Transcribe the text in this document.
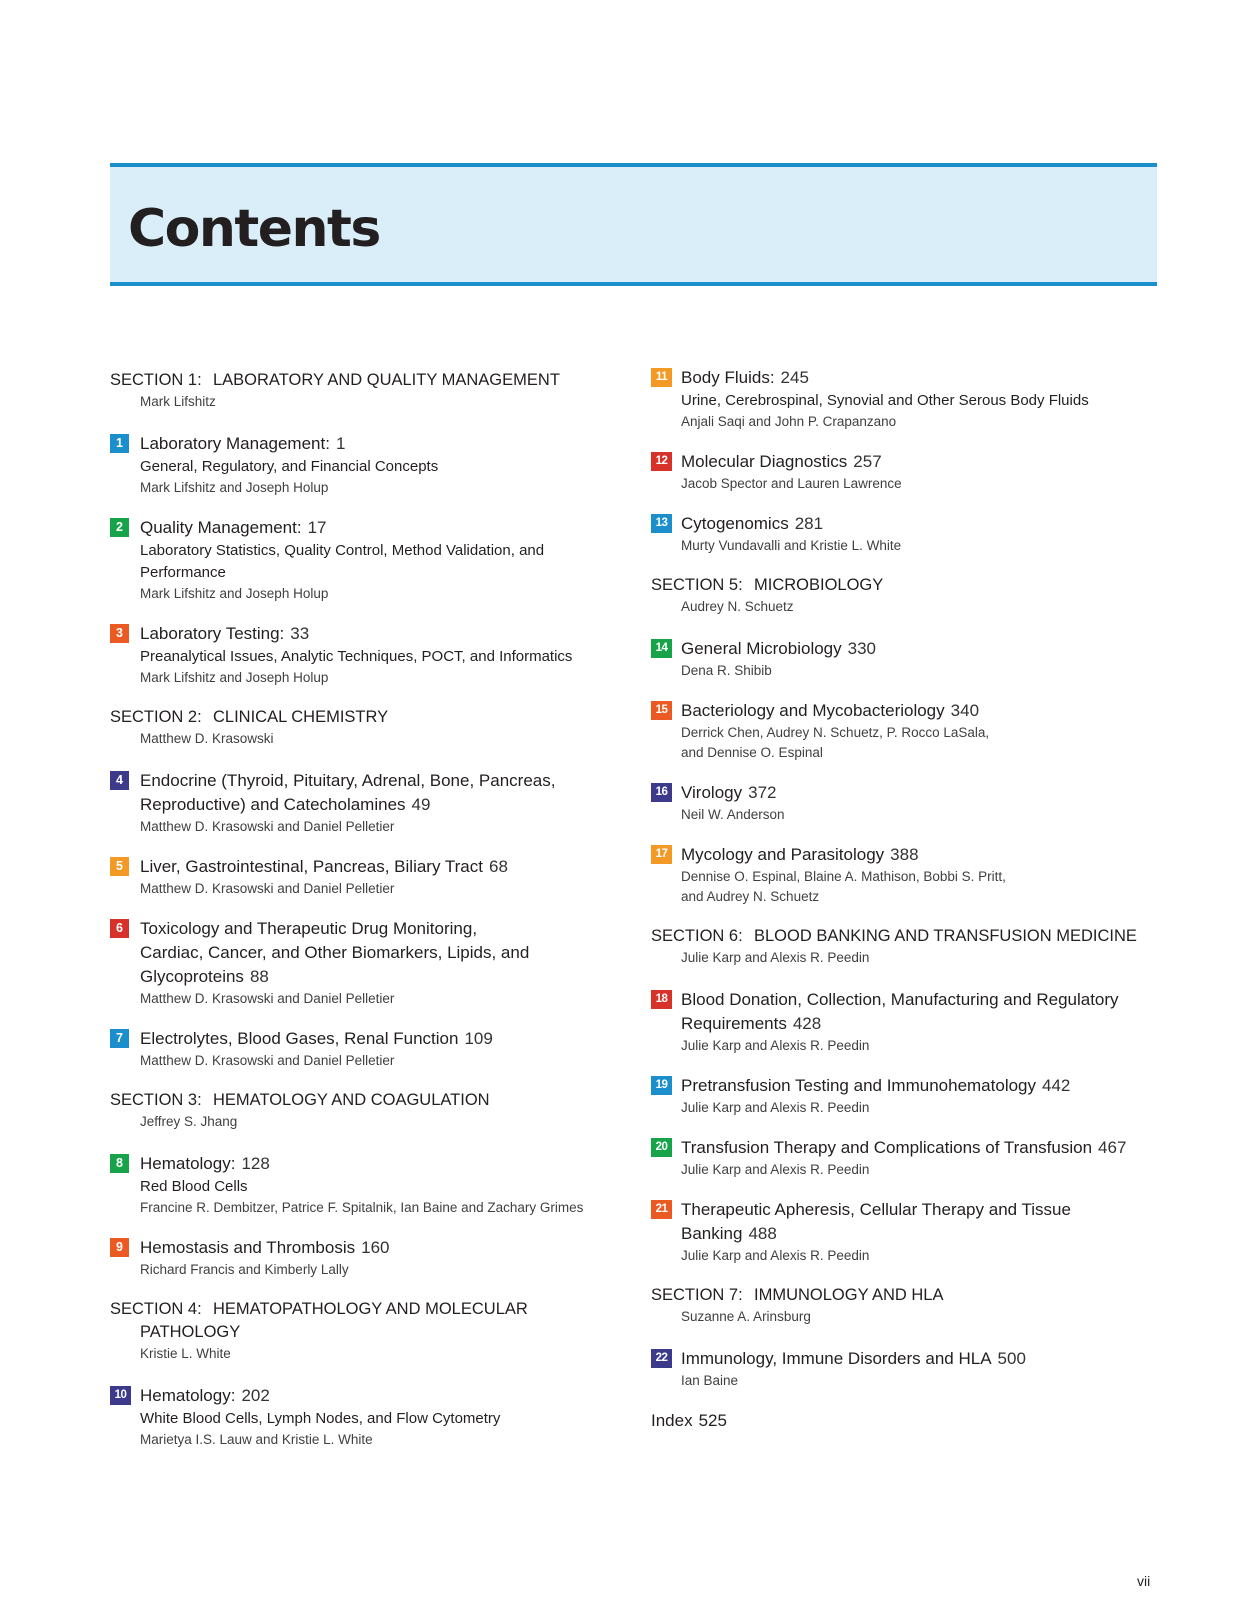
Contents
SECTION 1: LABORATORY AND QUALITY MANAGEMENT
Mark Lifshitz
1	Laboratory Management: 1
General, Regulatory, and Financial Concepts
Mark Lifshitz and Joseph Holup
2	Quality Management: 17
Laboratory Statistics, Quality Control, Method Validation, and
Performance
Mark Lifshitz and Joseph Holup
3	Laboratory Testing: 33
Preanalytical Issues, Analytic Techniques, POCT, and Informatics
Mark Lifshitz and Joseph Holup
SECTION 2: CLINICAL CHEMISTRY
Matthew D. Krasowski
4	Endocrine (Thyroid, Pituitary, Adrenal, Bone, Pancreas,
Reproductive) and Catecholamines 49
Matthew D. Krasowski and Daniel Pelletier
5	Liver, Gastrointestinal, Pancreas, Biliary Tract 68
Matthew D. Krasowski and Daniel Pelletier
6	Toxicology and Therapeutic Drug Monitoring,
Cardiac, Cancer, and Other Biomarkers, Lipids, and
Glycoproteins 88
Matthew D. Krasowski and Daniel Pelletier
7	Electrolytes, Blood Gases, Renal Function 109
Matthew D. Krasowski and Daniel Pelletier
SECTION 3: HEMATOLOGY AND COAGULATION
Jeffrey S. Jhang
8	Hematology: 128
Red Blood Cells
Francine R. Dembitzer, Patrice F. Spitalnik, Ian Baine and Zachary Grimes
9	Hemostasis and Thrombosis 160
Richard Francis and Kimberly Lally
SECTION 4: HEMATOPATHOLOGY AND MOLECULAR
PATHOLOGY
Kristie L. White
10 Hematology: 202
White Blood Cells, Lymph Nodes, and Flow Cytometry
Marietya I.S. Lauw and Kristie L. White
11 Body Fluids: 245
Urine, Cerebrospinal, Synovial and Other Serous Body Fluids
Anjali Saqi and John P. Crapanzano
12 Molecular Diagnostics 257
Jacob Spector and Lauren Lawrence
13 Cytogenomics 281
Murty Vundavalli and Kristie L. White
SECTION 5: MICROBIOLOGY
Audrey N. Schuetz
14 General Microbiology 330
Dena R. Shibib
15 Bacteriology and Mycobacteriology 340
Derrick Chen, Audrey N. Schuetz, P. Rocco LaSala,
and Dennise O. Espinal
16 Virology 372
Neil W. Anderson
17 Mycology and Parasitology 388
Dennise O. Espinal, Blaine A. Mathison, Bobbi S. Pritt,
and Audrey N. Schuetz
SECTION 6: BLOOD BANKING AND TRANSFUSION MEDICINE
Julie Karp and Alexis R. Peedin
18 Blood Donation, Collection, Manufacturing and Regulatory
Requirements 428
Julie Karp and Alexis R. Peedin
19 Pretransfusion Testing and Immunohematology 442
Julie Karp and Alexis R. Peedin
20 Transfusion Therapy and Complications of Transfusion 467
Julie Karp and Alexis R. Peedin
21 Therapeutic Apheresis, Cellular Therapy and Tissue
Banking 488
Julie Karp and Alexis R. Peedin
SECTION 7: IMMUNOLOGY AND HLA
Suzanne A. Arinsburg
22 Immunology, Immune Disorders and HLA 500
Ian Baine
Index 525
vii
